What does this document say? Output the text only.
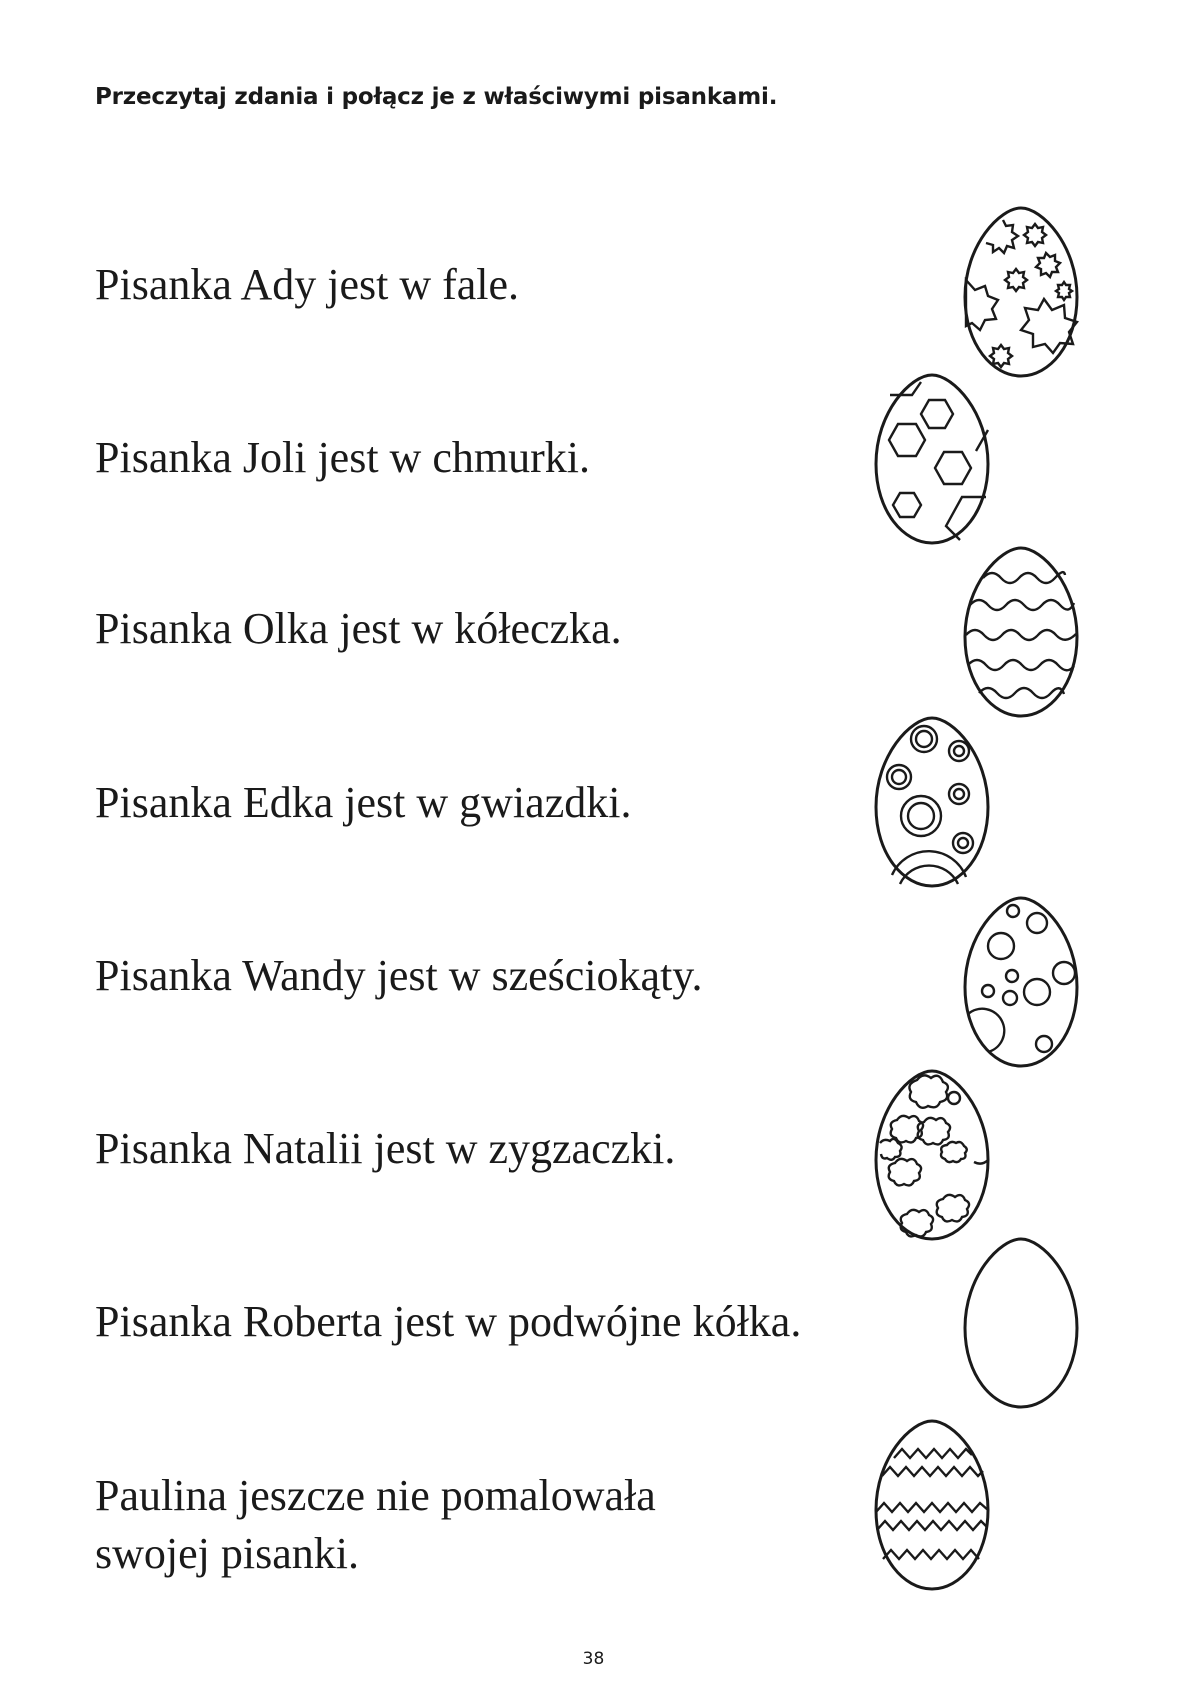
Przeczytaj zdania i połącz je z właściwymi pisankami.
Pisanka Ady jest w fale.
Pisanka Joli jest w chmurki.
Pisanka Olka jest w kółeczka.
Pisanka Edka jest w gwiazdki.
Pisanka Wandy jest w sześciokąty.
Pisanka Natalii jest w zygzaczki.
Pisanka Roberta jest w podwójne kółka.
Paulina jeszcze nie pomalowała
swojej pisanki.
38
